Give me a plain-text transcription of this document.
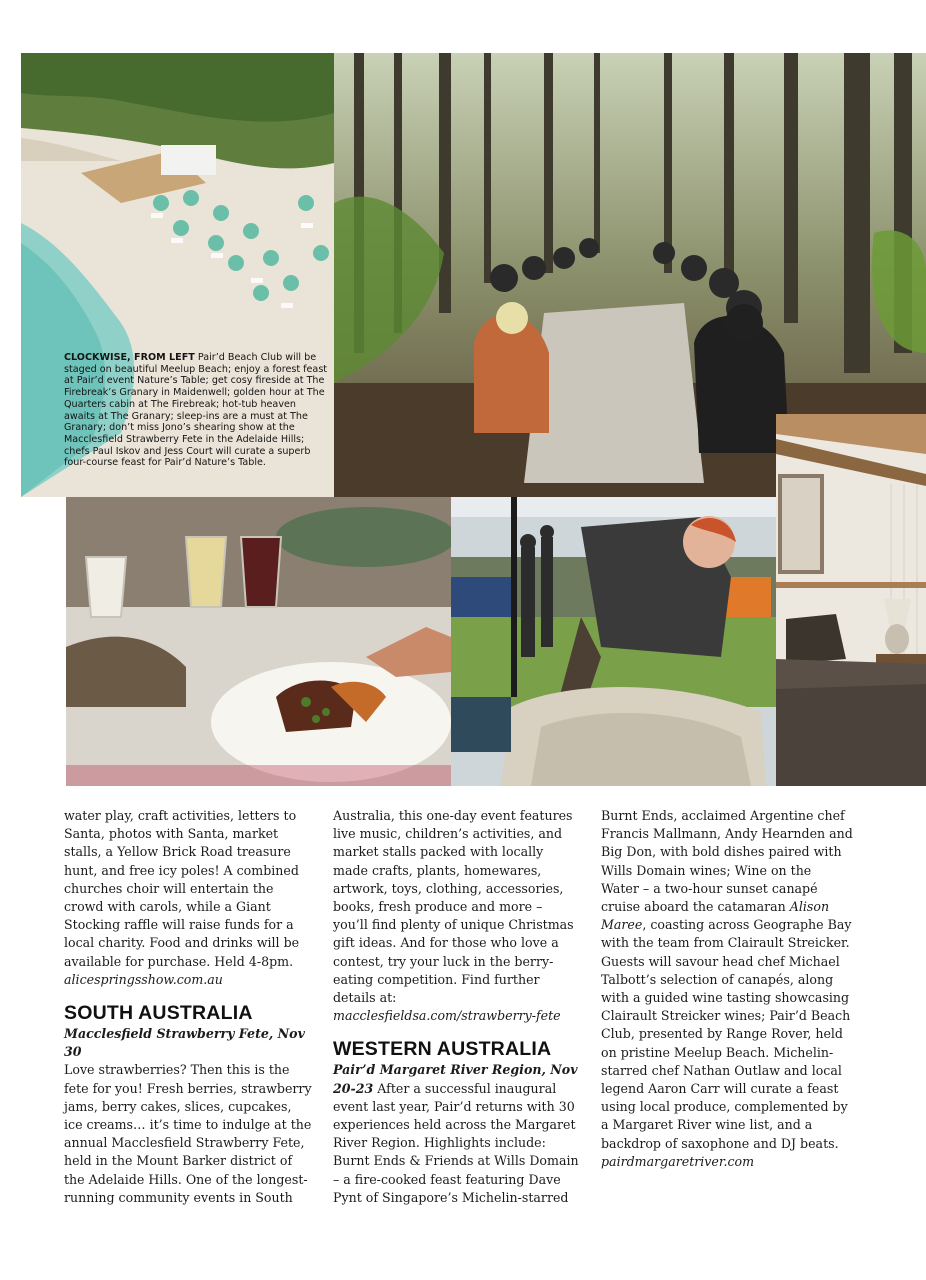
CLOCKWISE, FROM LEFT Pair’d Beach Club will be staged on beautiful Meelup Beach; enjoy a forest feast at Pair’d event Nature’s Table; get cosy fireside at The Firebreak’s Granary in Maidenwell; golden hour at The Quarters cabin at The Firebreak; hot-tub heaven awaits at The Granary; sleep-ins are a must at The Granary; don’t miss Jono’s shearing show at the Macclesfield Strawberry Fete in the Adelaide Hills; chefs Paul Iskov and Jess Court will curate a superb four-course feast for Pair’d Nature’s Table.

water play, craft activities, letters to Santa, photos with Santa, market stalls, a Yellow Brick Road treasure hunt, and free icy poles! A combined churches choir will entertain the crowd with carols, while a Giant Stocking raffle will raise funds for a local charity. Food and drinks will be available for purchase. Held 4-8pm. alicespringsshow.com.au

SOUTH AUSTRALIA

Macclesfield Strawberry Fete, Nov 30
Love strawberries? Then this is the fete for you! Fresh berries, strawberry jams, berry cakes, slices, cupcakes, ice creams… it’s time to indulge at the annual Macclesfield Strawberry Fete, held in the Mount Barker district of the Adelaide Hills. One of the longest-running community events in South

Australia, this one-day event features live music, children’s activities, and market stalls packed with locally made crafts, plants, homewares, artwork, toys, clothing, accessories, books, fresh produce and more – you’ll find plenty of unique Christmas gift ideas. And for those who love a contest, try your luck in the berry-eating competition. Find further details at: macclesfieldsa.com/strawberry-fete

WESTERN AUSTRALIA

Pair’d Margaret River Region, Nov 20-23 After a successful inaugural event last year, Pair’d returns with 30 experiences held across the Margaret River Region. Highlights include: Burnt Ends & Friends at Wills Domain – a fire-cooked feast featuring Dave Pynt of Singapore’s Michelin-starred

Burnt Ends, acclaimed Argentine chef Francis Mallmann, Andy Hearnden and Big Don, with bold dishes paired with Wills Domain wines; Wine on the Water – a two-hour sunset canapé cruise aboard the catamaran Alison Maree, coasting across Geographe Bay with the team from Clairault Streicker. Guests will savour head chef Michael Talbott’s selection of canapés, along with a guided wine tasting showcasing Clairault Streicker wines; Pair’d Beach Club, presented by Range Rover, held on pristine Meelup Beach. Michelin-starred chef Nathan Outlaw and local legend Aaron Carr will curate a feast using local produce, complemented by a Margaret River wine list, and a backdrop of saxophone and DJ beats. pairdmargaretriver.com
